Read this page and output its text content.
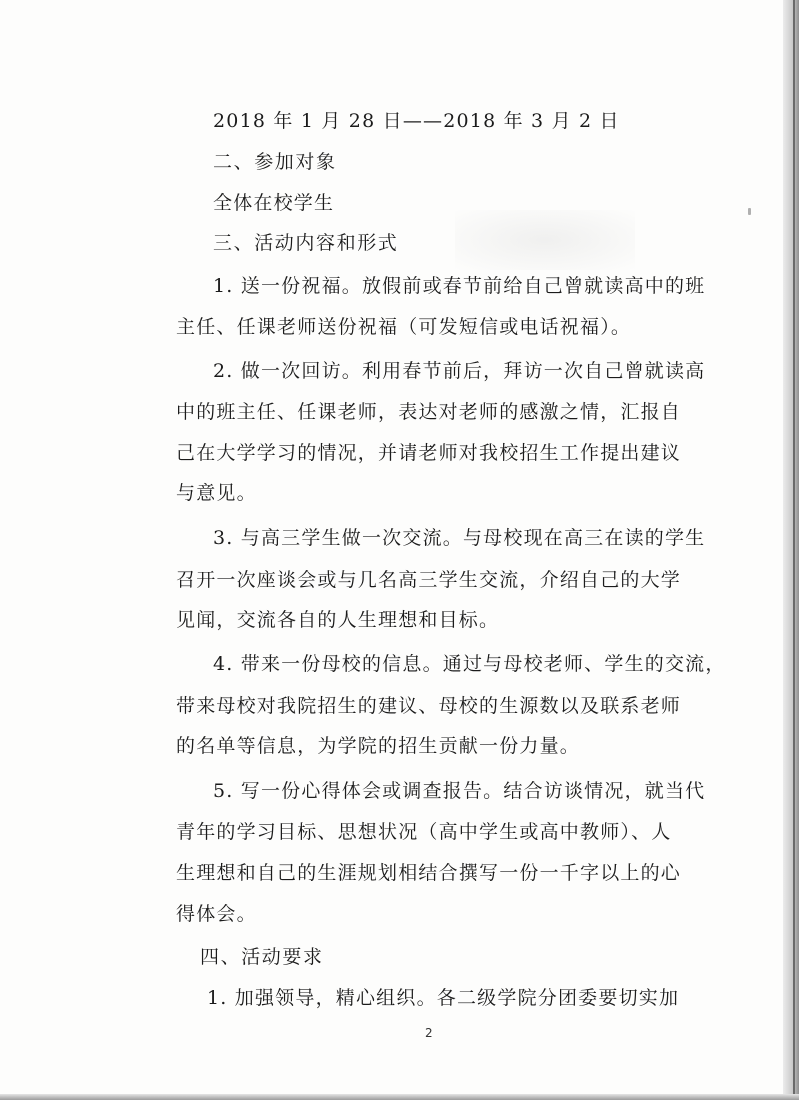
2018 年 1 月 28 日——2018 年 3 月 2 日
二、参加对象
全体在校学生
三、活动内容和形式
1. 送一份祝福。放假前或春节前给自己曾就读高中的班
主任、任课老师送份祝福（可发短信或电话祝福）。
2. 做一次回访。利用春节前后，拜访一次自己曾就读高
中的班主任、任课老师，表达对老师的感激之情，汇报自
己在大学学习的情况，并请老师对我校招生工作提出建议
与意见。
3. 与高三学生做一次交流。与母校现在高三在读的学生
召开一次座谈会或与几名高三学生交流，介绍自己的大学
见闻，交流各自的人生理想和目标。
4. 带来一份母校的信息。通过与母校老师、学生的交流，
带来母校对我院招生的建议、母校的生源数以及联系老师
的名单等信息，为学院的招生贡献一份力量。
5. 写一份心得体会或调查报告。结合访谈情况，就当代
青年的学习目标、思想状况（高中学生或高中教师）、人
生理想和自己的生涯规划相结合撰写一份一千字以上的心
得体会。
四、活动要求
1. 加强领导，精心组织。各二级学院分团委要切实加
2
